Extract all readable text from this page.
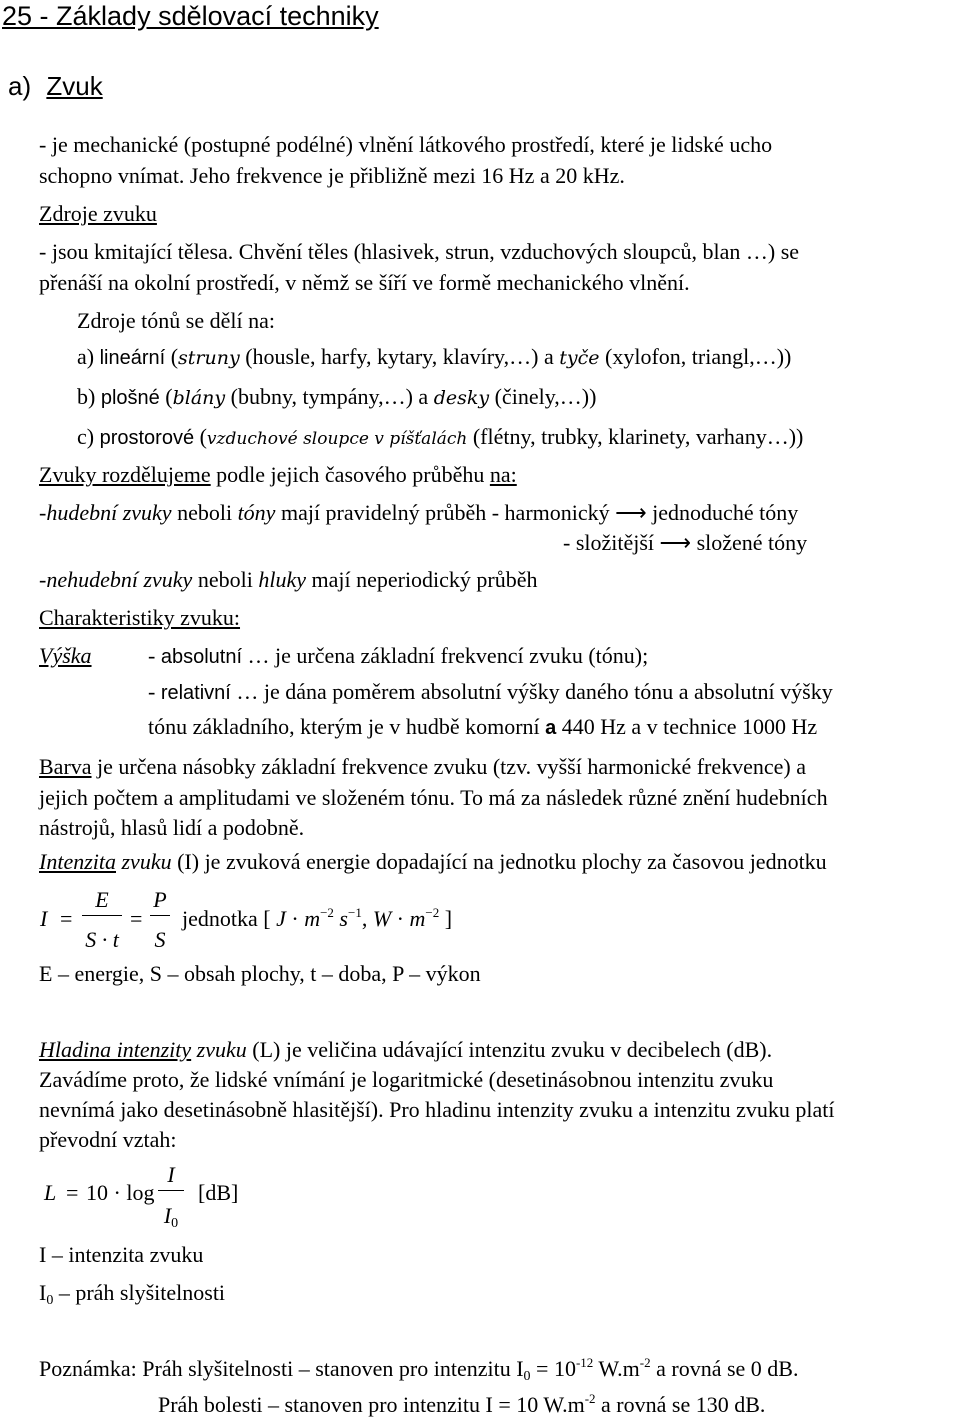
25 - Základy sdělovací techniky
a) Zvuk
- je mechanické (postupné podélné) vlnění látkového prostředí, které je lidské ucho
schopno vnímat. Jeho frekvence je přibližně mezi 16 Hz a 20 kHz.
Zdroje zvuku
- jsou kmitající tělesa. Chvění těles (hlasivek, strun, vzduchových sloupců, blan …) se
přenáší na okolní prostředí, v němž se šíří ve formě mechanického vlnění.
Zdroje tónů se dělí na:
a) lineární (struny (housle, harfy, kytary, klavíry,…) a tyče (xylofon, triangl,…))
b) plošné (blány (bubny, tympány,…) a desky (činely,…))
c) prostorové (vzduchové sloupce v píšťalách (flétny, trubky, klarinety, varhany…))
Zvuky rozdělujeme podle jejich časového průběhu na:
-hudební zvuky neboli tóny mají pravidelný průběh - harmonický ⟶ jednoduché tóny
- složitější ⟶ složené tóny
-nehudební zvuky neboli hluky mají neperiodický průběh
Charakteristiky zvuku:
Výška	- absolutní … je určena základní frekvencí zvuku (tónu);
- relativní … je dána poměrem absolutní výšky daného tónu a absolutní výšky
tónu základního, kterým je v hudbě komorní a 440 Hz a v technice 1000 Hz
Barva je určena násobky základní frekvence zvuku (tzv. vyšší harmonické frekvence) a
jejich počtem a amplitudami ve složeném tónu. To má za následek různé znění hudebních
nástrojů, hlasů lidí a podobně.
Intenzita zvuku (I) je zvuková energie dopadající na jednotku plochy za časovou jednotku
I =
E
S · t
=
P
S
jednotka [ $J \cdot m^{-2}$ $s^{-1}$, $W \cdot m^{-2}$ ]
E – energie, S – obsah plochy, t – doba, P – výkon
Hladina intenzity zvuku (L) je veličina udávající intenzitu zvuku v decibelech (dB).
Zavádíme proto, že lidské vnímání je logaritmické (desetinásobnou intenzitu zvuku
nevnímá jako desetinásobně hlasitější). Pro hladinu intenzity zvuku a intenzitu zvuku platí
převodní vztah:
L = 10 · log
I
$I_0$
[dB]
I – intenzita zvuku
$I_0$ – práh slyšitelnosti
Poznámka: Práh slyšitelnosti – stanoven pro intenzitu $I_0 = 10^{-12}$ $W.m^{-2}$ a rovná se 0 dB.
Práh bolesti – stanoven pro intenzitu I = 10 $W.m^{-2}$ a rovná se 130 dB.
